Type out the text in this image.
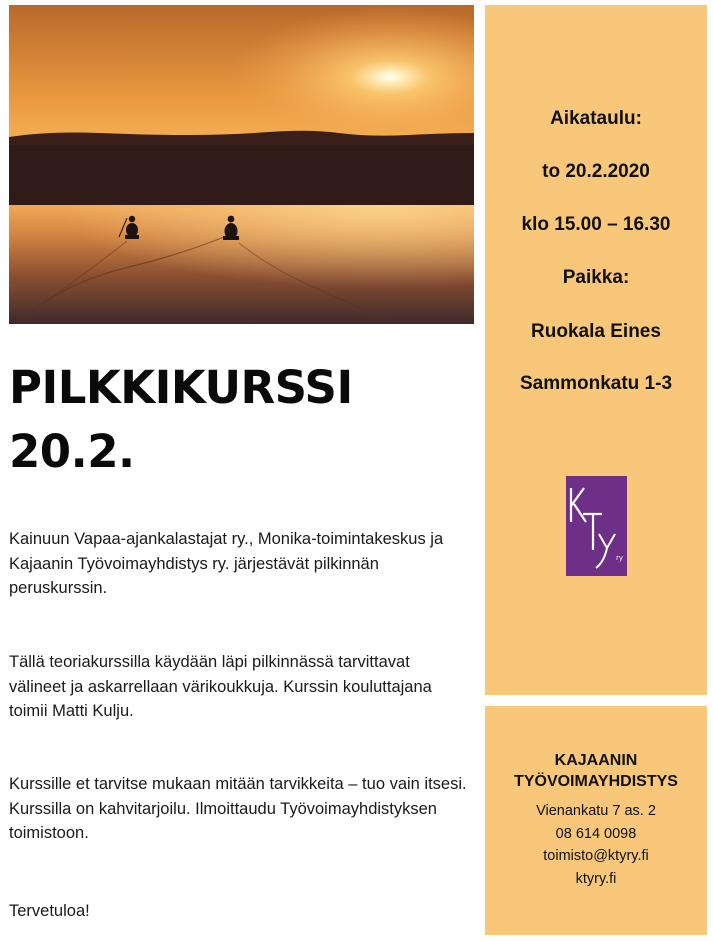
PILKKIKURSSI
20.2.

Kainuun Vapaa-ajankalastajat ry., Monika-toimintakeskus ja Kajaanin Työvoimayhdistys ry. järjestävät pilkinnän peruskurssin.

Tällä teoriakurssilla käydään läpi pilkinnässä tarvittavat välineet ja askarrellaan värikoukkuja. Kurssin kouluttajana toimii Matti Kulju.

Kurssille et tarvitse mukaan mitään tarvikkeita – tuo vain itsesi. Kurssilla on kahvitarjoilu. Ilmoittaudu Työvoimayhdistyksen toimistoon.

Tervetuloa!

Aikataulu:
to 20.2.2020
klo 15.00 – 16.30
Paikka:
Ruokala Eines
Sammonkatu 1-3
ry
KAJAANIN
TYÖVOIMAYHDISTYS
Vienankatu 7 as. 2
08 614 0098
toimisto@ktyry.fi
ktyry.fi
